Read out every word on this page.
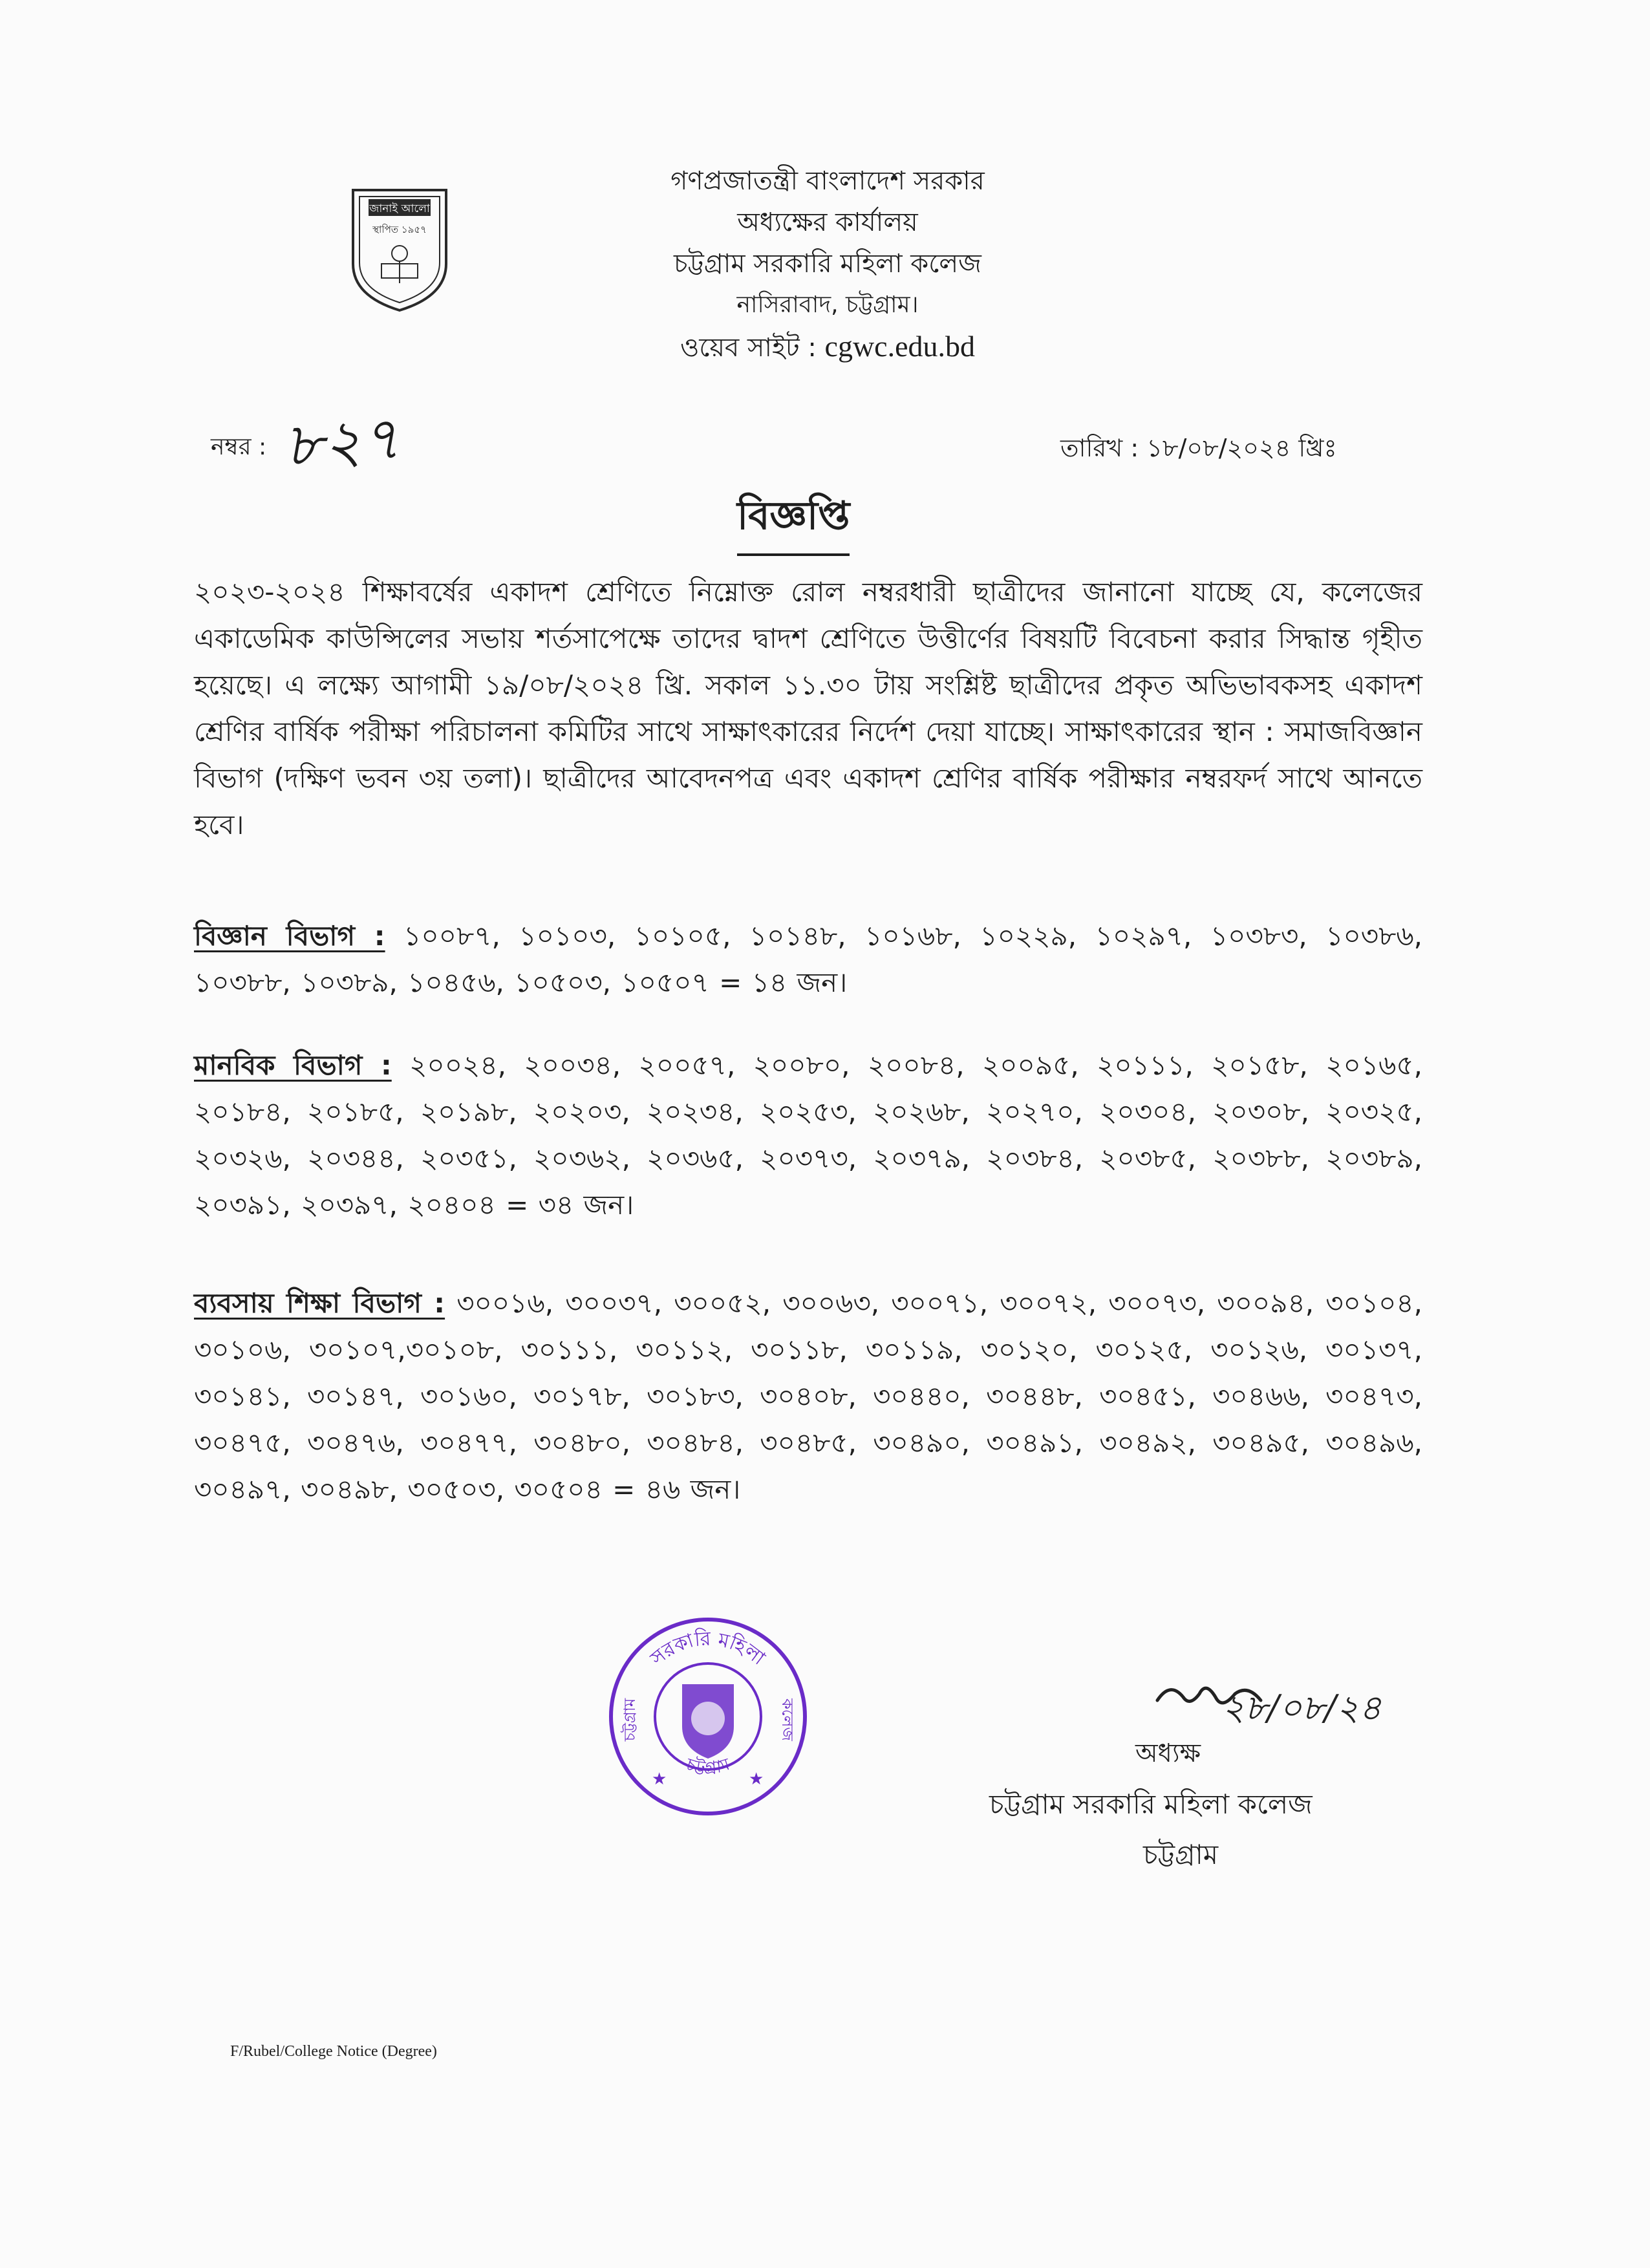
জানাই আলো
স্থাপিত ১৯৫৭
গণপ্রজাতন্ত্রী বাংলাদেশ সরকার
অধ্যক্ষের কার্যালয়
চট্টগ্রাম সরকারি মহিলা কলেজ
নাসিরাবাদ, চট্টগ্রাম।
ওয়েব সাইট : cgwc.edu.bd
নম্বর : ৮২৭	তারিখ : ১৮/০৮/২০২৪ খ্রিঃ
বিজ্ঞপ্তি
২০২৩-২০২৪ শিক্ষাবর্ষের একাদশ শ্রেণিতে নিম্নোক্ত রোল নম্বরধারী ছাত্রীদের জানানো যাচ্ছে যে, কলেজের একাডেমিক কাউন্সিলের সভায় শর্তসাপেক্ষে তাদের দ্বাদশ শ্রেণিতে উত্তীর্ণের বিষয়টি বিবেচনা করার সিদ্ধান্ত গৃহীত হয়েছে। এ লক্ষ্যে আগামী ১৯/০৮/২০২৪ খ্রি. সকাল ১১.৩০ টায় সংশ্লিষ্ট ছাত্রীদের প্রকৃত অভিভাবকসহ একাদশ শ্রেণির বার্ষিক পরীক্ষা পরিচালনা কমিটির সাথে সাক্ষাৎকারের নির্দেশ দেয়া যাচ্ছে। সাক্ষাৎকারের স্থান : সমাজবিজ্ঞান বিভাগ (দক্ষিণ ভবন ৩য় তলা)। ছাত্রীদের আবেদনপত্র এবং একাদশ শ্রেণির বার্ষিক পরীক্ষার নম্বরফর্দ সাথে আনতে হবে।
বিজ্ঞান বিভাগ : ১০০৮৭, ১০১০৩, ১০১০৫, ১০১৪৮, ১০১৬৮, ১০২২৯, ১০২৯৭, ১০৩৮৩, ১০৩৮৬, ১০৩৮৮, ১০৩৮৯, ১০৪৫৬, ১০৫০৩, ১০৫০৭ = ১৪ জন।
মানবিক বিভাগ : ২০০২৪, ২০০৩৪, ২০০৫৭, ২০০৮০, ২০০৮৪, ২০০৯৫, ২০১১১, ২০১৫৮, ২০১৬৫, ২০১৮৪, ২০১৮৫, ২০১৯৮, ২০২০৩, ২০২৩৪, ২০২৫৩, ২০২৬৮, ২০২৭০, ২০৩০৪, ২০৩০৮, ২০৩২৫, ২০৩২৬, ২০৩৪৪, ২০৩৫১, ২০৩৬২, ২০৩৬৫, ২০৩৭৩, ২০৩৭৯, ২০৩৮৪, ২০৩৮৫, ২০৩৮৮, ২০৩৮৯, ২০৩৯১, ২০৩৯৭, ২০৪০৪ = ৩৪ জন।
ব্যবসায় শিক্ষা বিভাগ : ৩০০১৬, ৩০০৩৭, ৩০০৫২, ৩০০৬৩, ৩০০৭১, ৩০০৭২, ৩০০৭৩, ৩০০৯৪, ৩০১০৪, ৩০১০৬, ৩০১০৭,৩০১০৮, ৩০১১১, ৩০১১২, ৩০১১৮, ৩০১১৯, ৩০১২০, ৩০১২৫, ৩০১২৬, ৩০১৩৭, ৩০১৪১, ৩০১৪৭, ৩০১৬০, ৩০১৭৮, ৩০১৮৩, ৩০৪০৮, ৩০৪৪০, ৩০৪৪৮, ৩০৪৫১, ৩০৪৬৬, ৩০৪৭৩, ৩০৪৭৫, ৩০৪৭৬, ৩০৪৭৭, ৩০৪৮০, ৩০৪৮৪, ৩০৪৮৫, ৩০৪৯০, ৩০৪৯১, ৩০৪৯২, ৩০৪৯৫, ৩০৪৯৬, ৩০৪৯৭, ৩০৪৯৮, ৩০৫০৩, ৩০৫০৪ = ৪৬ জন।
সরকারি মহিলা
চট্টগ্রাম
চট্টগ্রাম	কলেজ
★	★
২৮/০৮/২৪
অধ্যক্ষ
চট্টগ্রাম সরকারি মহিলা কলেজ
চট্টগ্রাম
F/Rubel/College Notice (Degree)
